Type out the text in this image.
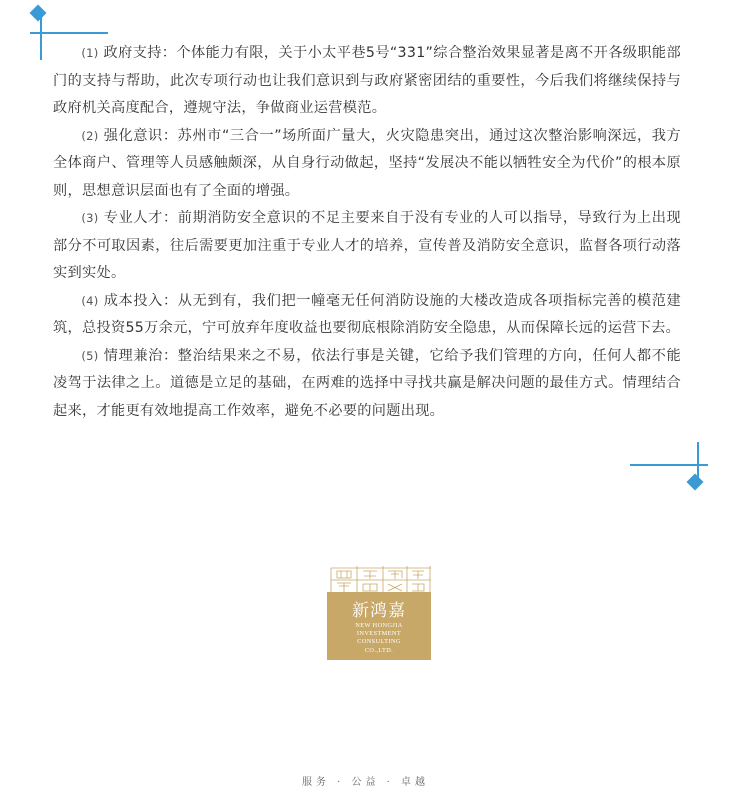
(1) 政府支持：个体能力有限，关于小太平巷5号“331”综合整治效果显著是离不开各级职能部门的支持与帮助，此次专项行动也让我们意识到与政府紧密团结的重要性，今后我们将继续保持与政府机关高度配合，遵规守法，争做商业运营模范。

(2) 强化意识：苏州市“三合一”场所面广量大，火灾隐患突出，通过这次整治影响深远，我方全体商户、管理等人员感触颇深，从自身行动做起，坚持“发展决不能以牺牲安全为代价”的根本原则，思想意识层面也有了全面的增强。

(3) 专业人才：前期消防安全意识的不足主要来自于没有专业的人可以指导，导致行为上出现部分不可取因素，往后需要更加注重于专业人才的培养，宣传普及消防安全意识，监督各项行动落实到实处。

(4) 成本投入：从无到有，我们把一幢毫无任何消防设施的大楼改造成各项指标完善的模范建筑，总投资55万余元，宁可放弃年度收益也要彻底根除消防安全隐患，从而保障长远的运营下去。

(5) 情理兼治：整治结果来之不易，依法行事是关键，它给予我们管理的方向，任何人都不能凌驾于法律之上。道德是立足的基础，在两难的选择中寻找共赢是解决问题的最佳方式。情理结合起来，才能更有效地提高工作效率，避免不必要的问题出现。

新鸿嘉
NEW HONGJIA
INVESTMENT
CONSULTING
CO.,LTD.
服务 · 公益 · 卓越
